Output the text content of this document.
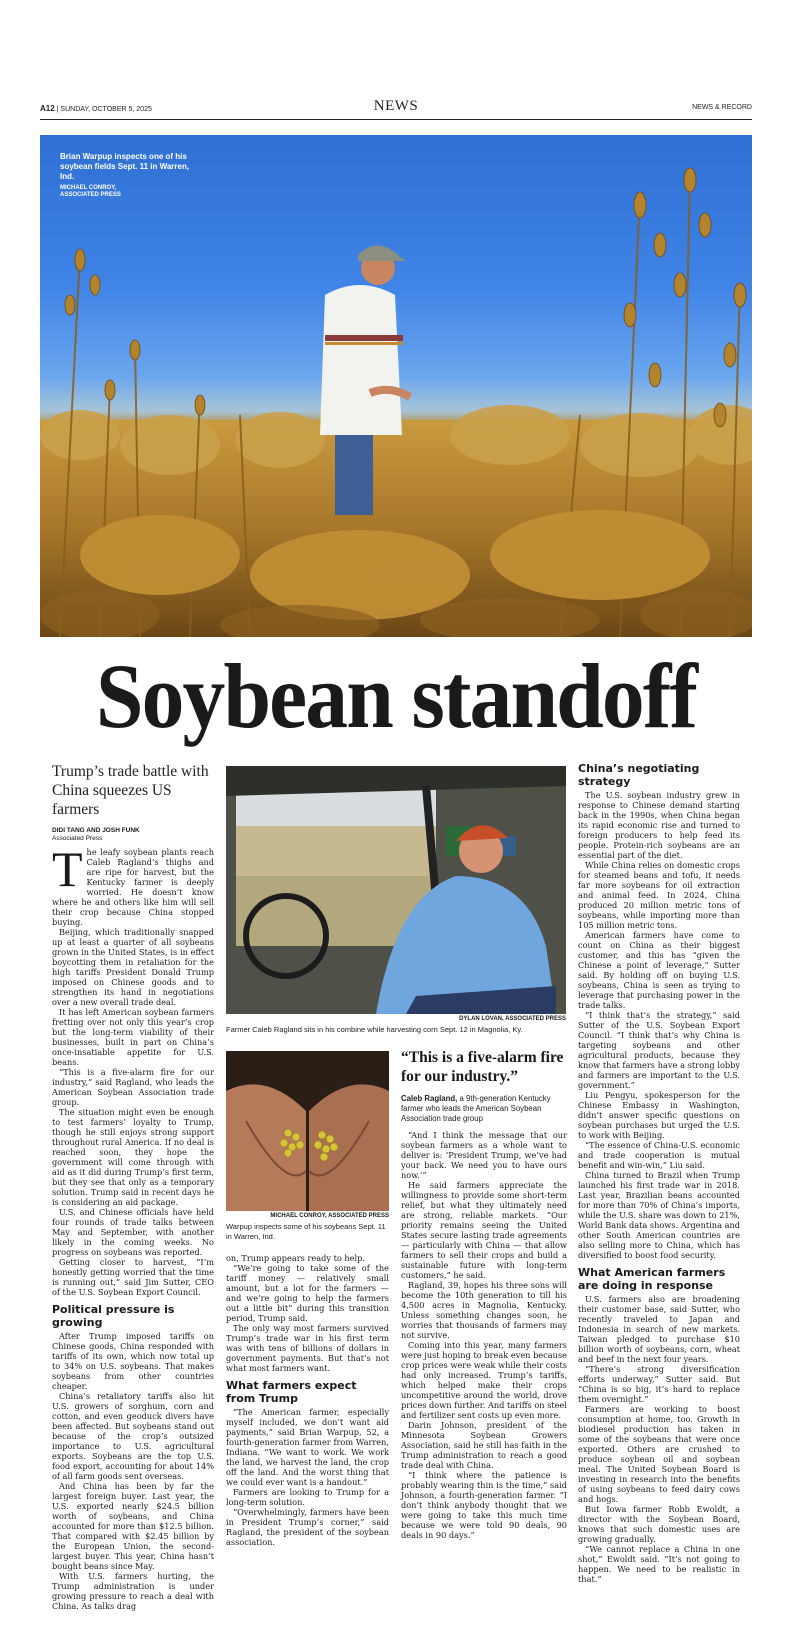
A12 | SUNDAY, OCTOBER 5, 2025	NEWS	NEWS & RECORD
Brian Warpup inspects one of his soybean fields Sept. 11 in Warren, Ind.
MICHAEL CONROY,
ASSOCIATED PRESS
Soybean standoff
Trump’s trade battle with China squeezes US farmers
DIDI TANG AND JOSH FUNK
Associated Press

The leafy soybean plants reach Caleb Ragland’s thighs and are ripe for harvest, but the Kentucky farmer is deeply worried. He doesn’t know where he and others like him will sell their crop because China stopped buying.

Beijing, which traditionally snapped up at least a quarter of all soybeans grown in the United States, is in effect boycotting them in retaliation for the high tariffs President Donald Trump imposed on Chinese goods and to strengthen its hand in negotiations over a new overall trade deal.

It has left American soybean farmers fretting over not only this year’s crop but the long-term viability of their businesses, built in part on China’s once-insatiable appetite for U.S. beans.

“This is a five-alarm fire for our industry,” said Ragland, who leads the American Soybean Association trade group.

The situation might even be enough to test farmers’ loyalty to Trump, though he still enjoys strong support throughout rural America. If no deal is reached soon, they hope the government will come through with aid as it did during Trump’s first term, but they see that only as a temporary solution. Trump said in recent days he is considering an aid package.

U.S. and Chinese officials have held four rounds of trade talks between May and September, with another likely in the coming weeks. No progress on soybeans was reported.

Getting closer to harvest, “I’m honestly getting worried that the time is running out,” said Jim Sutter, CEO of the U.S. Soybean Export Council.

Political pressure is growing

After Trump imposed tariffs on Chinese goods, China responded with tariffs of its own, which now total up to 34% on U.S. soybeans. That makes soybeans from other countries cheaper.

China’s retaliatory tariffs also hit U.S. growers of sorghum, corn and cotton, and even geoduck divers have been affected. But soybeans stand out because of the crop’s outsized importance to U.S. agricultural exports. Soybeans are the top U.S. food export, accounting for about 14% of all farm goods sent overseas.

And China has been by far the largest foreign buyer. Last year, the U.S. exported nearly $24.5 billion worth of soybeans, and China accounted for more than $12.5 billion. That compared with $2.45 billion by the European Union, the second-largest buyer. This year, China hasn’t bought beans since May.

With U.S. farmers hurting, the Trump administration is under growing pressure to reach a deal with China. As talks drag

DYLAN LOVAN, ASSOCIATED PRESS
Farmer Caleb Ragland sits in his combine while harvesting corn Sept. 12 in Magnolia, Ky.
MICHAEL CONROY, ASSOCIATED PRESS
Warpup inspects some of his soybeans Sept. 11 in Warren, Ind.

on, Trump appears ready to help.

“We’re going to take some of the tariff money — relatively small amount, but a lot for the farmers — and we’re going to help the farmers out a little bit” during this transition period, Trump said.

The only way most farmers survived Trump’s trade war in his first term was with tens of billions of dollars in government payments. But that’s not what most farmers want.

What farmers expect from Trump

“The American farmer, especially myself included, we don’t want aid payments,” said Brian Warpup, 52, a fourth-generation farmer from Warren, Indiana. “We want to work. We work the land, we harvest the land, the crop off the land. And the worst thing that we could ever want is a handout.”

Farmers are looking to Trump for a long-term solution.

“Overwhelmingly, farmers have been in President Trump’s corner,” said Ragland, the president of the soybean association.

“This is a five-alarm fire for our industry.”
Caleb Ragland, a 9th-generation Kentucky farmer who leads the American Soybean Association trade group

“And I think the message that our soybean farmers as a whole want to deliver is: ‘President Trump, we’ve had your back. We need you to have ours now.’”

He said farmers appreciate the willingness to provide some short-term relief, but what they ultimately need are strong, reliable markets. “Our priority remains seeing the United States secure lasting trade agreements — particularly with China — that allow farmers to sell their crops and build a sustainable future with long-term customers,” he said.

Ragland, 39, hopes his three sons will become the 10th generation to till his 4,500 acres in Magnolia, Kentucky. Unless something changes soon, he worries that thousands of farmers may not survive.

Coming into this year, many farmers were just hoping to break even because crop prices were weak while their costs had only increased. Trump’s tariffs, which helped make their crops uncompetitive around the world, drove prices down further. And tariffs on steel and fertilizer sent costs up even more.

Darin Johnson, president of the Minnesota Soybean Growers Association, said he still has faith in the Trump administration to reach a good trade deal with China.

“I think where the patience is probably wearing thin is the time,” said Johnson, a fourth-generation farmer. “I don’t think anybody thought that we were going to take this much time because we were told 90 deals, 90 deals in 90 days.”

China’s negotiating strategy

The U.S. soybean industry grew in response to Chinese demand starting back in the 1990s, when China began its rapid economic rise and turned to foreign producers to help feed its people. Protein-rich soybeans are an essential part of the diet.

While China relies on domestic crops for steamed beans and tofu, it needs far more soybeans for oil extraction and animal feed. In 2024, China produced 20 million metric tons of soybeans, while importing more than 105 million metric tons.

American farmers have come to count on China as their biggest customer, and this has “given the Chinese a point of leverage,” Sutter said. By holding off on buying U.S. soybeans, China is seen as trying to leverage that purchasing power in the trade talks.

“I think that’s the strategy,” said Sutter of the U.S. Soybean Export Council. “I think that’s why China is targeting soybeans and other agricultural products, because they know that farmers have a strong lobby and farmers are important to the U.S. government.”

Liu Pengyu, spokesperson for the Chinese Embassy in Washington, didn’t answer specific questions on soybean purchases but urged the U.S. to work with Beijing.

“The essence of China-U.S. economic and trade cooperation is mutual benefit and win-win,” Liu said.

China turned to Brazil when Trump launched his first trade war in 2018. Last year, Brazilian beans accounted for more than 70% of China’s imports, while the U.S. share was down to 21%, World Bank data shows. Argentina and other South American countries are also selling more to China, which has diversified to boost food security.

What American farmers are doing in response

U.S. farmers also are broadening their customer base, said Sutter, who recently traveled to Japan and Indonesia in search of new markets. Taiwan pledged to purchase $10 billion worth of soybeans, corn, wheat and beef in the next four years.

“There’s strong diversification efforts underway,” Sutter said. But “China is so big, it’s hard to replace them overnight.”

Farmers are working to boost consumption at home, too. Growth in biodiesel production has taken in some of the soybeans that were once exported. Others are crushed to produce soybean oil and soybean meal. The United Soybean Board is investing in research into the benefits of using soybeans to feed dairy cows and hogs.

But Iowa farmer Robb Ewoldt, a director with the Soybean Board, knows that such domestic uses are growing gradually.

“We cannot replace a China in one shot,” Ewoldt said. “It’s not going to happen. We need to be realistic in that.”
